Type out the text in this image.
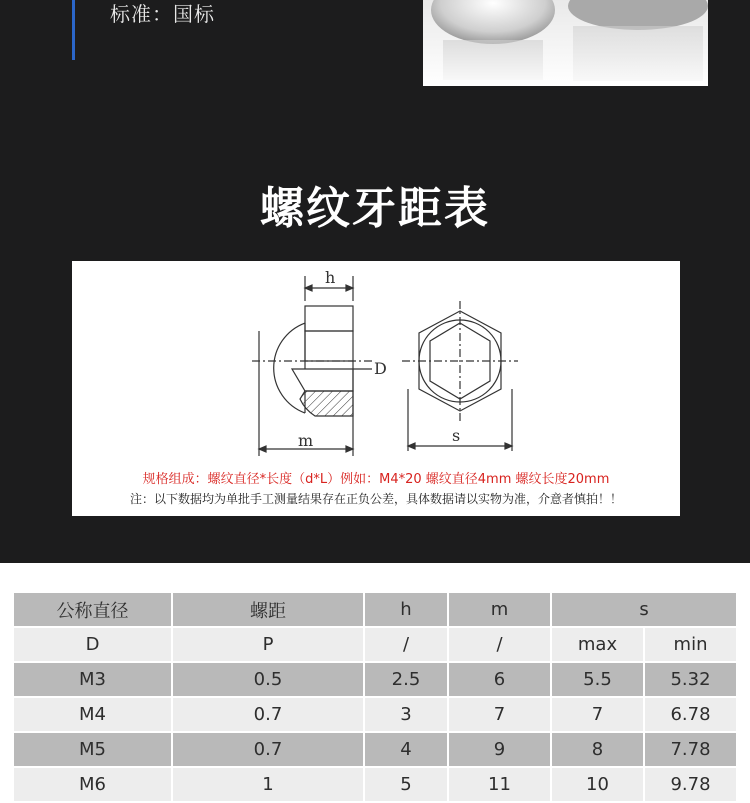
标准：国标
螺纹牙距表
h
D
m	s
规格组成：螺纹直径*长度（d*L）例如：M4*20 螺纹直径4mm 螺纹长度20mm
注：以下数据均为单批手工测量结果存在正负公差，具体数据请以实物为准，介意者慎拍！！
公称直径	螺距	h	m	s	
D	P	/	/	max	min
M3	0.5	2.5	6	5.5	5.32
M4	0.7	3	7	7	6.78
M5	0.7	4	9	8	7.78
M6	1	5	11	10	9.78
